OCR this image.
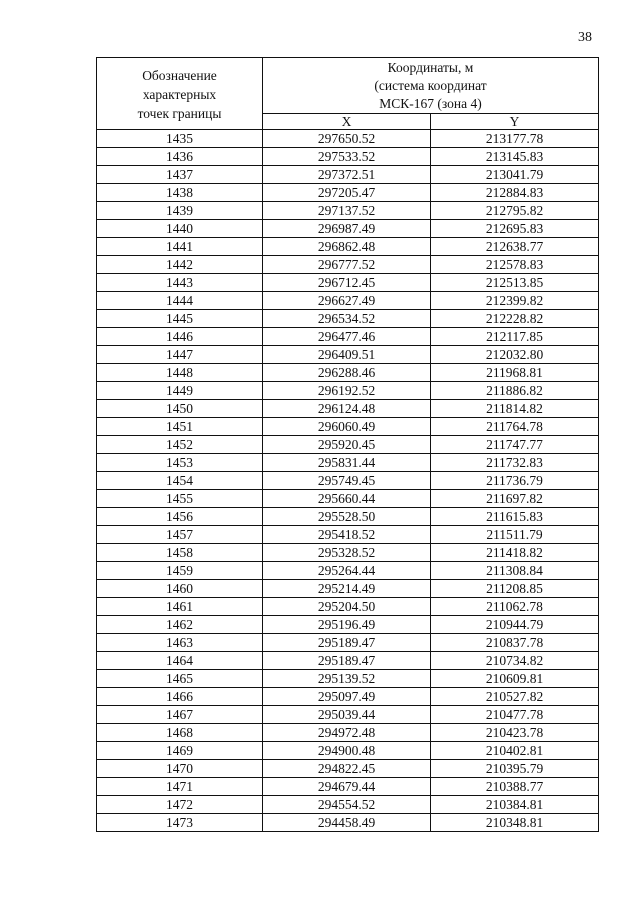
38
Обозначение
характерных
точек границы	Координаты, м
(система координат
МСК-167 (зона 4)	

	X	Y
1435	297650.52	213177.78
1436	297533.52	213145.83
1437	297372.51	213041.79
1438	297205.47	212884.83
1439	297137.52	212795.82
1440	296987.49	212695.83
1441	296862.48	212638.77
1442	296777.52	212578.83
1443	296712.45	212513.85
1444	296627.49	212399.82
1445	296534.52	212228.82
1446	296477.46	212117.85
1447	296409.51	212032.80
1448	296288.46	211968.81
1449	296192.52	211886.82
1450	296124.48	211814.82
1451	296060.49	211764.78
1452	295920.45	211747.77
1453	295831.44	211732.83
1454	295749.45	211736.79
1455	295660.44	211697.82
1456	295528.50	211615.83
1457	295418.52	211511.79
1458	295328.52	211418.82
1459	295264.44	211308.84
1460	295214.49	211208.85
1461	295204.50	211062.78
1462	295196.49	210944.79
1463	295189.47	210837.78
1464	295189.47	210734.82
1465	295139.52	210609.81
1466	295097.49	210527.82
1467	295039.44	210477.78
1468	294972.48	210423.78
1469	294900.48	210402.81
1470	294822.45	210395.79
1471	294679.44	210388.77
1472	294554.52	210384.81
1473	294458.49	210348.81
